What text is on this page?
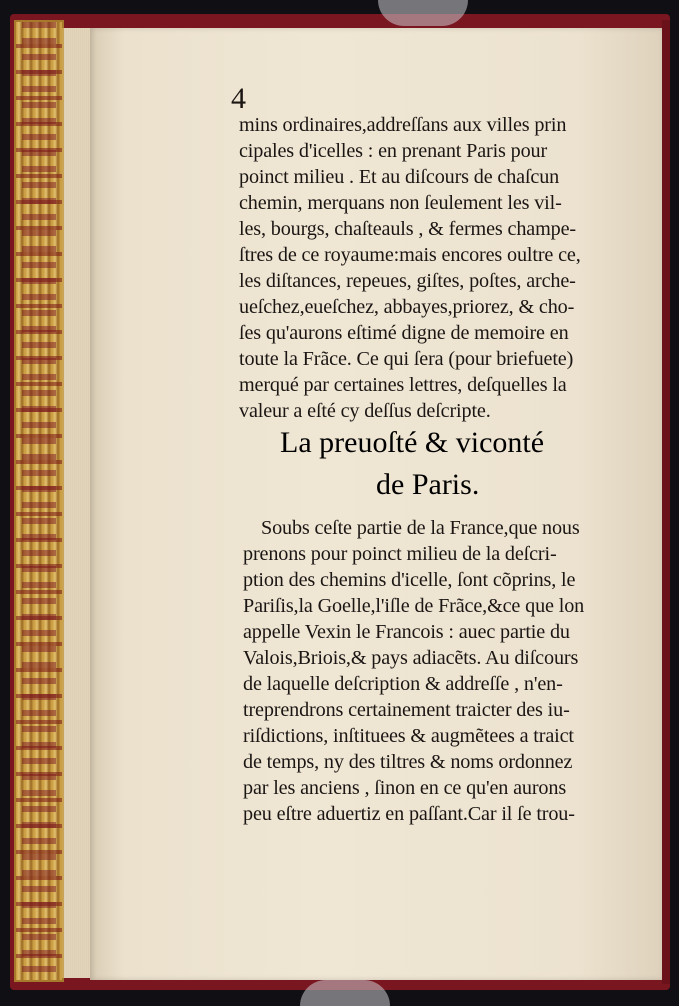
4
mins ordinaires,addreſſans aux villes prin
cipales d'icelles : en prenant Paris pour
poinct milieu . Et au diſcours de chaſcun
chemin, merquans non ſeulement les vil-
les, bourgs, chaſteauls , & fermes champe-
ſtres de ce royaume:mais encores oultre ce,
les diſtances, repeues, giſtes, poſtes, arche-
ueſchez,eueſchez, abbayes,priorez, & cho-
ſes qu'aurons eſtimé digne de memoire en
toute la Frãce. Ce qui ſera (pour briefuete)
merqué par certaines lettres, deſquelles la
valeur a eſté cy deſſus deſcripte.
La preuoſté & viconté
de Paris.
Soubs ceſte partie de la France,que nous
prenons pour poinct milieu de la deſcri-
ption des chemins d'icelle, ſont cõprins, le
Pariſis,la Goelle,l'iſle de Frãce,&ce que lon
appelle Vexin le Francois : auec partie du
Valois,Briois,& pays adiacẽts. Au diſcours
de laquelle deſcription & addreſſe , n'en-
treprendrons certainement traicter des iu-
riſdictions, inſtituees & augmẽtees a traict
de temps, ny des tiltres & noms ordonnez
par les anciens , ſinon en ce qu'en aurons
peu eſtre aduertiz en paſſant.Car il ſe trou-
